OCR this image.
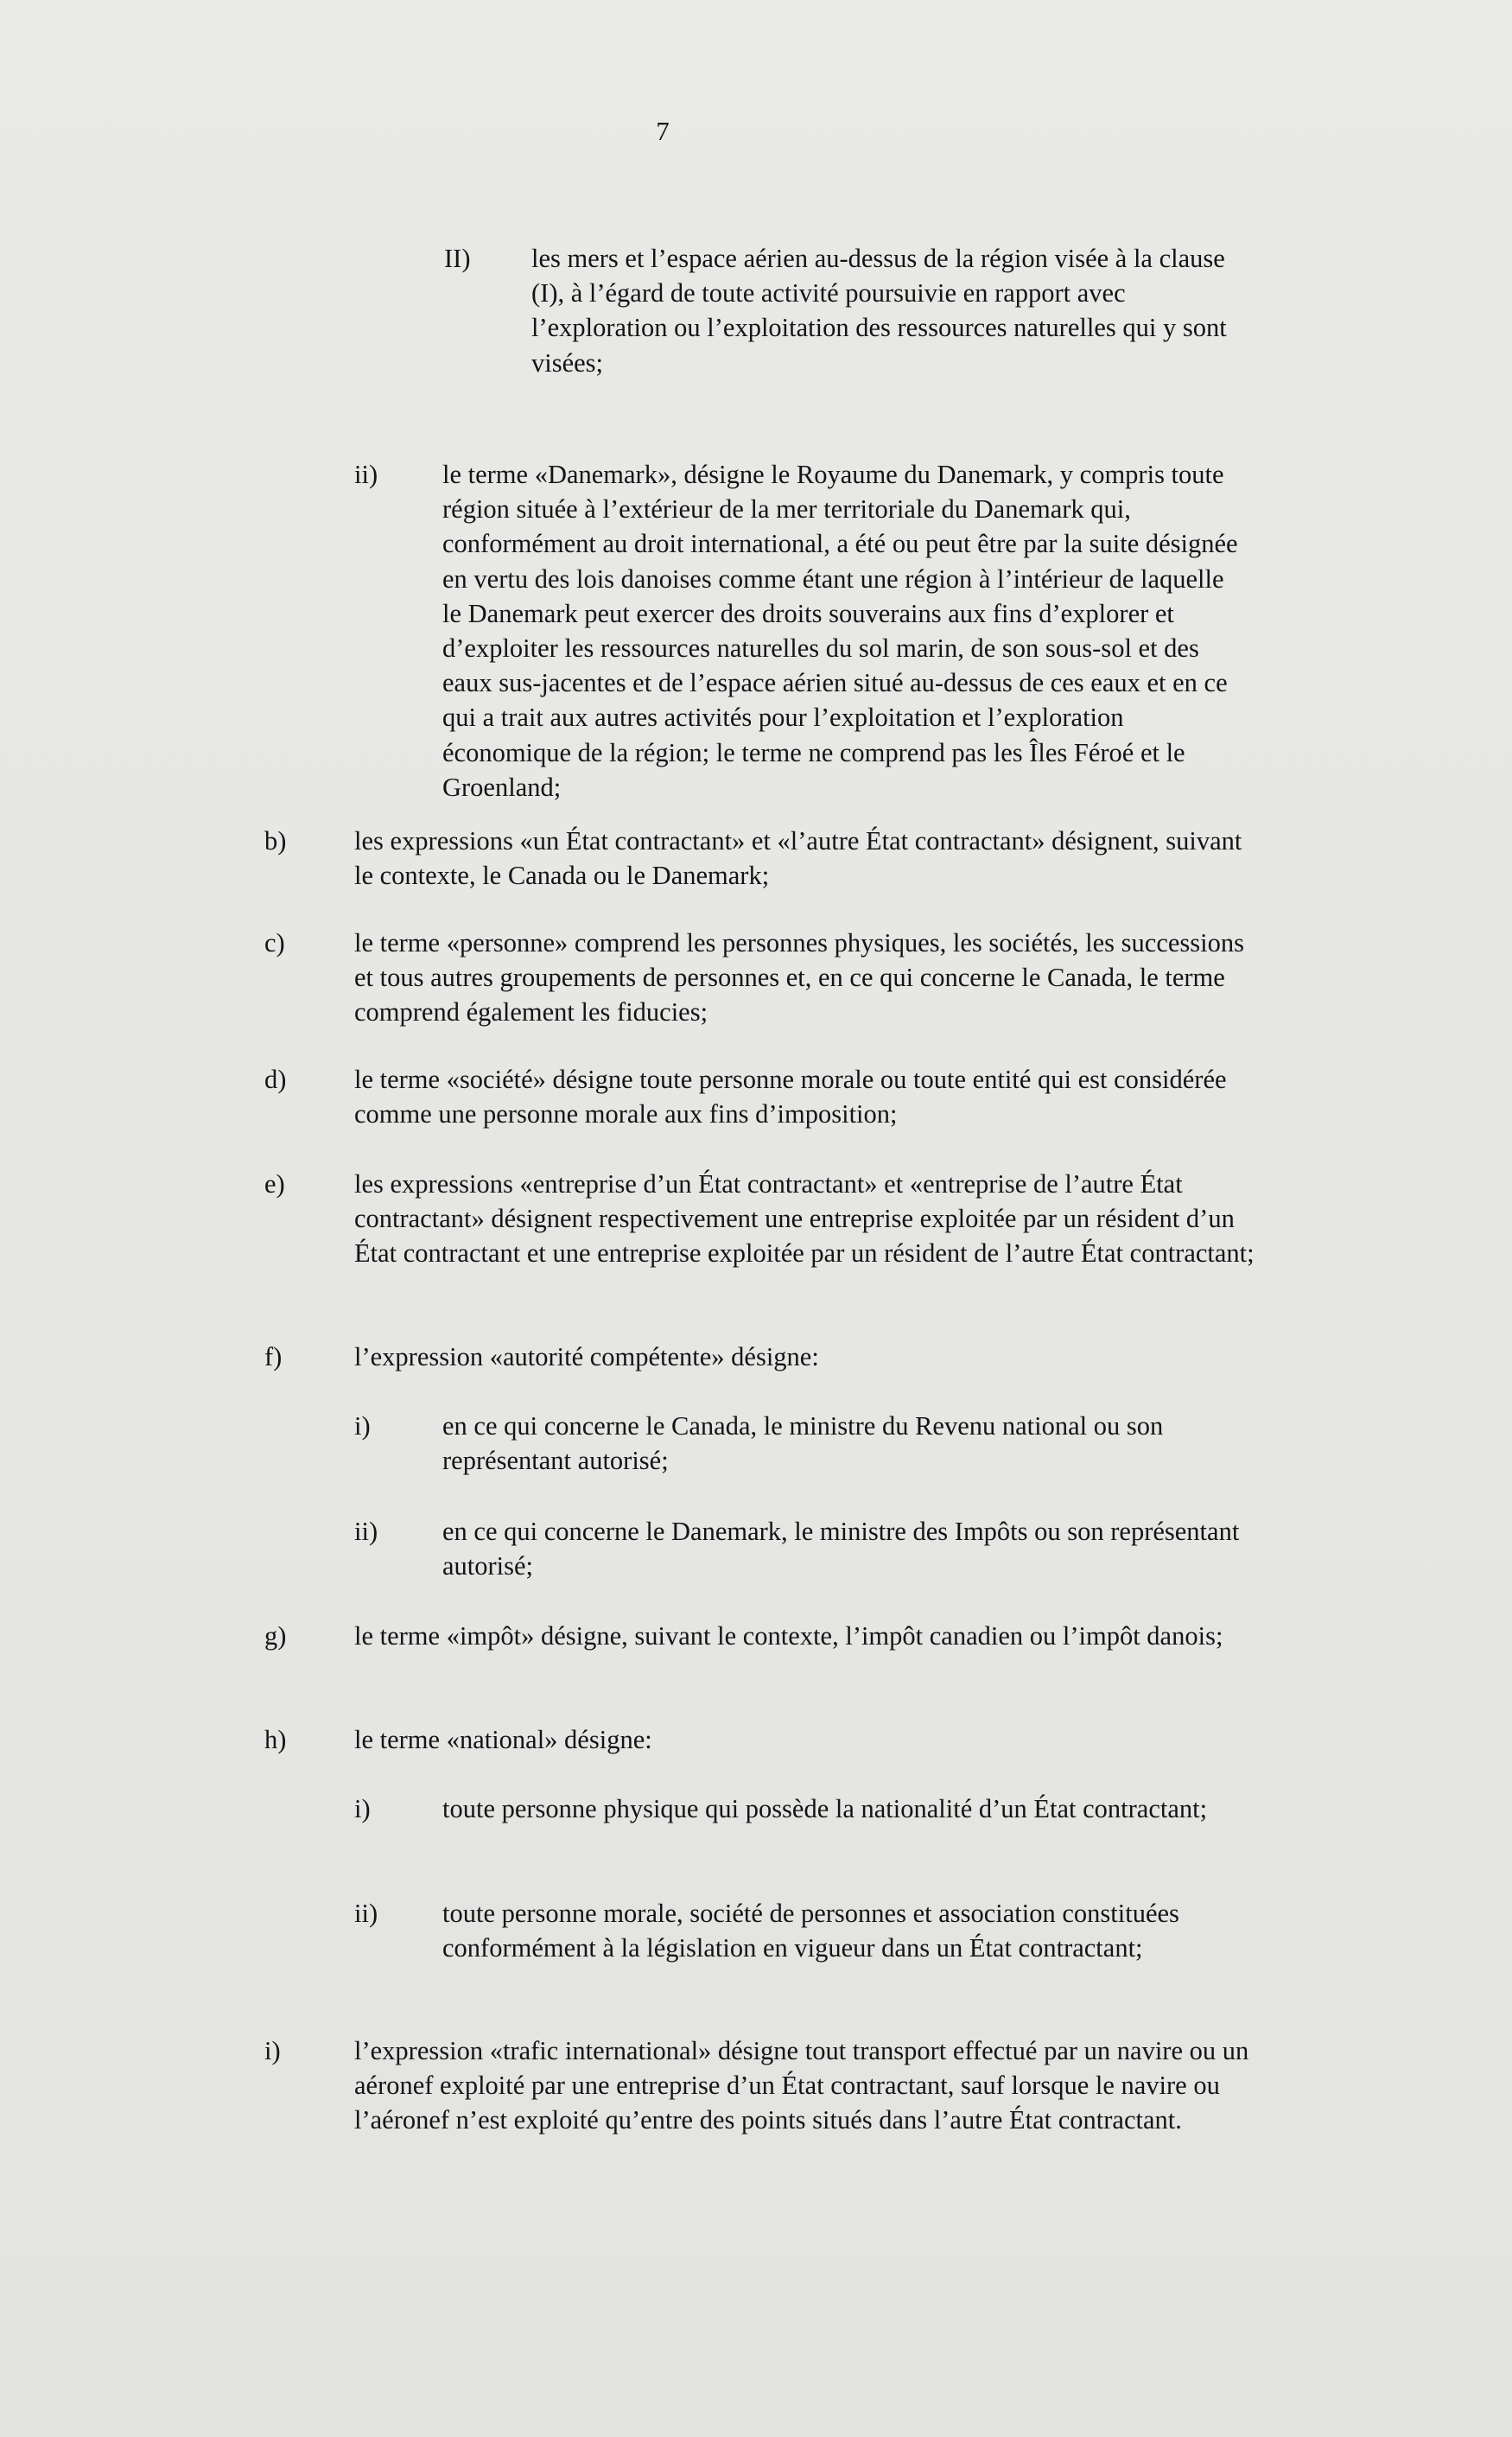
7
II)	les mers et l’espace aérien au-dessus de la région visée à la clause (I), à l’égard de toute activité poursuivie en rapport avec l’exploration ou l’exploitation des ressources naturelles qui y sont visées;
ii)	le terme «Danemark», désigne le Royaume du Danemark, y compris toute région située à l’extérieur de la mer territoriale du Danemark qui, conformément au droit international, a été ou peut être par la suite désignée en vertu des lois danoises comme étant une région à l’intérieur de laquelle le Danemark peut exercer des droits souverains aux fins d’explorer et d’exploiter les ressources naturelles du sol marin, de son sous-sol et des eaux sus-jacentes et de l’espace aérien situé au-dessus de ces eaux et en ce qui a trait aux autres activités pour l’exploitation et l’exploration économique de la région; le terme ne comprend pas les Îles Féroé et le Groenland;
b)	les expressions «un État contractant» et «l’autre État contractant» désignent, suivant le contexte, le Canada ou le Danemark;
c)	le terme «personne» comprend les personnes physiques, les sociétés, les successions et tous autres groupements de personnes et, en ce qui concerne le Canada, le terme comprend également les fiducies;
d)	le terme «société» désigne toute personne morale ou toute entité qui est considérée comme une personne morale aux fins d’imposition;
e)	les expressions «entreprise d’un État contractant» et «entreprise de l’autre État contractant» désignent respectivement une entreprise exploitée par un résident d’un État contractant et une entreprise exploitée par un résident de l’autre État contractant;
f)	l’expression «autorité compétente» désigne:
i)	en ce qui concerne le Canada, le ministre du Revenu national ou son représentant autorisé;
ii)	en ce qui concerne le Danemark, le ministre des Impôts ou son représentant autorisé;
g)	le terme «impôt» désigne, suivant le contexte, l’impôt canadien ou l’impôt danois;
h)	le terme «national» désigne:
i)	toute personne physique qui possède la nationalité d’un État contractant;
ii)	toute personne morale, société de personnes et association constituées conformément à la législation en vigueur dans un État contractant;
i)	l’expression «trafic international» désigne tout transport effectué par un navire ou un aéronef exploité par une entreprise d’un État contractant, sauf lorsque le navire ou l’aéronef n’est exploité qu’entre des points situés dans l’autre État contractant.
